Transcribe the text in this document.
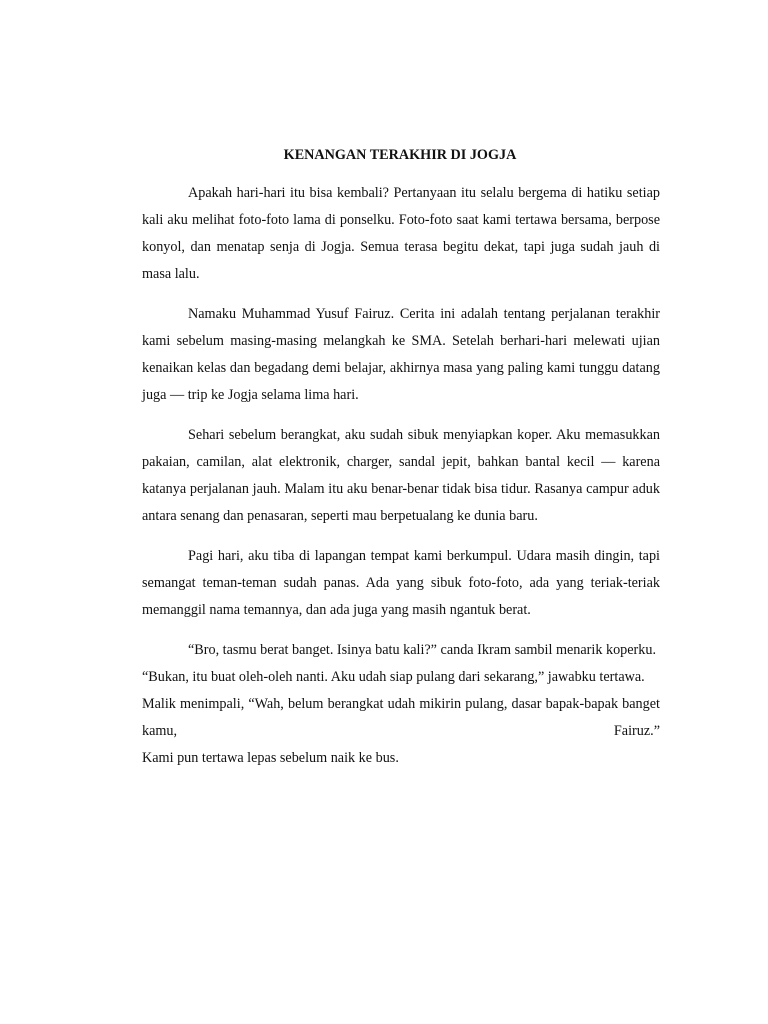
KENANGAN TERAKHIR DI JOGJA

Apakah hari-hari itu bisa kembali? Pertanyaan itu selalu bergema di hatiku setiap kali aku melihat foto-foto lama di ponselku. Foto-foto saat kami tertawa bersama, berpose konyol, dan menatap senja di Jogja. Semua terasa begitu dekat, tapi juga sudah jauh di masa lalu.

Namaku Muhammad Yusuf Fairuz. Cerita ini adalah tentang perjalanan terakhir kami sebelum masing-masing melangkah ke SMA. Setelah berhari-hari melewati ujian kenaikan kelas dan begadang demi belajar, akhirnya masa yang paling kami tunggu datang juga — trip ke Jogja selama lima hari.

Sehari sebelum berangkat, aku sudah sibuk menyiapkan koper. Aku memasukkan pakaian, camilan, alat elektronik, charger, sandal jepit, bahkan bantal kecil — karena katanya perjalanan jauh. Malam itu aku benar-benar tidak bisa tidur. Rasanya campur aduk antara senang dan penasaran, seperti mau berpetualang ke dunia baru.

Pagi hari, aku tiba di lapangan tempat kami berkumpul. Udara masih dingin, tapi semangat teman-teman sudah panas. Ada yang sibuk foto-foto, ada yang teriak-teriak memanggil nama temannya, dan ada juga yang masih ngantuk berat.

“Bro, tasmu berat banget. Isinya batu kali?” canda Ikram sambil menarik koperku.

“Bukan, itu buat oleh-oleh nanti. Aku udah siap pulang dari sekarang,” jawabku tertawa.

Malik menimpali, “Wah, belum berangkat udah mikirin pulang, dasar bapak-bapak banget kamu, Fairuz.”

Kami pun tertawa lepas sebelum naik ke bus.
